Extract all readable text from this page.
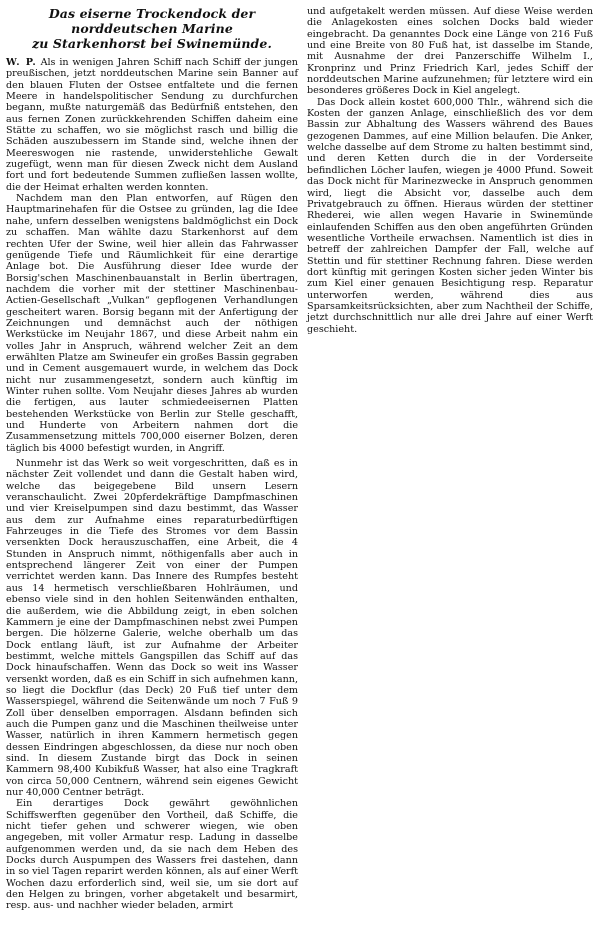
Das eiserne Trockendock der norddeutschen Marine
zu Starkenhorst bei Swinemünde.

W. P. Als in wenigen Jahren Schiff nach Schiff der jungen preußischen, jetzt norddeutschen Marine sein Banner auf den blauen Fluten der Ostsee entfaltete und die fernen Meere in handelspolitischer Sendung zu durchfurchen begann, mußte naturgemäß das Bedürfniß entstehen, den aus fernen Zonen zurückkehrenden Schiffen daheim eine Stätte zu schaffen, wo sie möglichst rasch und billig die Schäden auszubessern im Stande sind, welche ihnen der Meereswogen nie rastende, unwiderstehliche Gewalt zugefügt, wenn man für diesen Zweck nicht dem Ausland fort und fort bedeutende Summen zufließen lassen wollte, die der Heimat erhalten werden konnten.

Nachdem man den Plan entworfen, auf Rügen den Hauptmarinehafen für die Ostsee zu gründen, lag die Idee nahe, unfern desselben wenigstens baldmöglichst ein Dock zu schaffen. Man wählte dazu Starkenhorst auf dem rechten Ufer der Swine, weil hier allein das Fahrwasser genügende Tiefe und Räumlichkeit für eine derartige Anlage bot. Die Ausführung dieser Idee wurde der Borsig'schen Maschinenbauanstalt in Berlin übertragen, nachdem die vorher mit der stettiner Maschinenbau-Actien-Gesellschaft „Vulkan“ gepflogenen Verhandlungen gescheitert waren. Borsig begann mit der Anfertigung der Zeichnungen und demnächst auch der nöthigen Werkstücke im Neujahr 1867, und diese Arbeit nahm ein volles Jahr in Anspruch, während welcher Zeit an dem erwählten Platze am Swineufer ein großes Bassin gegraben und in Cement ausgemauert wurde, in welchem das Dock nicht nur zusammengesetzt, sondern auch künftig im Winter ruhen sollte. Vom Neujahr dieses Jahres ab wurden die fertigen, aus lauter schmiedeeisernen Platten bestehenden Werkstücke von Berlin zur Stelle geschafft, und Hunderte von Arbeitern nahmen dort die Zusammensetzung mittels 700,000 eiserner Bolzen, deren täglich bis 4000 befestigt wurden, in Angriff.

Nunmehr ist das Werk so weit vorgeschritten, daß es in nächster Zeit vollendet und dann die Gestalt haben wird, welche das beigegebene Bild unsern Lesern veranschaulicht. Zwei 20pferdekräftige Dampfmaschinen und vier Kreiselpumpen sind dazu bestimmt, das Wasser aus dem zur Aufnahme eines reparaturbedürftigen Fahrzeuges in die Tiefe des Stromes vor dem Bassin versenkten Dock herauszuschaffen, eine Arbeit, die 4 Stunden in Anspruch nimmt, nöthigenfalls aber auch in entsprechend längerer Zeit von einer der Pumpen verrichtet werden kann. Das Innere des Rumpfes besteht aus 14 hermetisch verschließbaren Hohlräumen, und ebenso viele sind in den hohlen Seitenwänden enthalten, die außerdem, wie die Abbildung zeigt, in eben solchen Kammern je eine der Dampfmaschinen nebst zwei Pumpen bergen. Die hölzerne Galerie, welche oberhalb um das Dock entlang läuft, ist zur Aufnahme der Arbeiter bestimmt, welche mittels Gangspillen das Schiff auf das Dock hinaufschaffen. Wenn das Dock so weit ins Wasser versenkt worden, daß es ein Schiff in sich aufnehmen kann, so liegt die Dockflur (das Deck) 20 Fuß tief unter dem Wasserspiegel, während die Seitenwände um noch 7 Fuß 9 Zoll über denselben emporragen. Alsdann befinden sich auch die Pumpen ganz und die Maschinen theilweise unter Wasser, natürlich in ihren Kammern hermetisch gegen dessen Eindringen abgeschlossen, da diese nur noch oben sind. In diesem Zustande birgt das Dock in seinen Kammern 98,400 Kubikfuß Wasser, hat also eine Tragkraft von circa 50,000 Centnern, während sein eigenes Gewicht nur 40,000 Centner beträgt.

Ein derartiges Dock gewährt gewöhnlichen Schiffswerften gegenüber den Vortheil, daß Schiffe, die nicht tiefer gehen und schwerer wiegen, wie oben angegeben, mit voller Armatur resp. Ladung in dasselbe aufgenommen werden und, da sie nach dem Heben des Docks durch Auspumpen des Wassers frei dastehen, dann in so viel Tagen reparirt werden können, als auf einer Werft Wochen dazu erforderlich sind, weil sie, um sie dort auf den Helgen zu bringen, vorher abgetakelt und besarmirt, resp. aus- und nachher wieder beladen, armirt

und aufgetakelt werden müssen. Auf diese Weise werden die Anlagekosten eines solchen Docks bald wieder eingebracht. Da genanntes Dock eine Länge von 216 Fuß und eine Breite von 80 Fuß hat, ist dasselbe im Stande, mit Ausnahme der drei Panzerschiffe Wilhelm I., Kronprinz und Prinz Friedrich Karl, jedes Schiff der norddeutschen Marine aufzunehmen; für letztere wird ein besonderes größeres Dock in Kiel angelegt.

Das Dock allein kostet 600,000 Thlr., während sich die Kosten der ganzen Anlage, einschließlich des vor dem Bassin zur Abhaltung des Wassers während des Baues gezogenen Dammes, auf eine Million belaufen. Die Anker, welche dasselbe auf dem Strome zu halten bestimmt sind, und deren Ketten durch die in der Vorderseite befindlichen Löcher laufen, wiegen je 4000 Pfund. Soweit das Dock nicht für Marinezwecke in Anspruch genommen wird, liegt die Absicht vor, dasselbe auch dem Privatgebrauch zu öffnen. Hieraus würden der stettiner Rhederei, wie allen wegen Havarie in Swinemünde einlaufenden Schiffen aus den oben angeführten Gründen wesentliche Vortheile erwachsen. Namentlich ist dies in betreff der zahlreichen Dampfer der Fall, welche auf Stettin und für stettiner Rechnung fahren. Diese werden dort künftig mit geringen Kosten sicher jeden Winter bis zum Kiel einer genauen Besichtigung resp. Reparatur unterworfen werden, während dies aus Sparsamkeitsrücksichten, aber zum Nachtheil der Schiffe, jetzt durchschnittlich nur alle drei Jahre auf einer Werft geschieht.
